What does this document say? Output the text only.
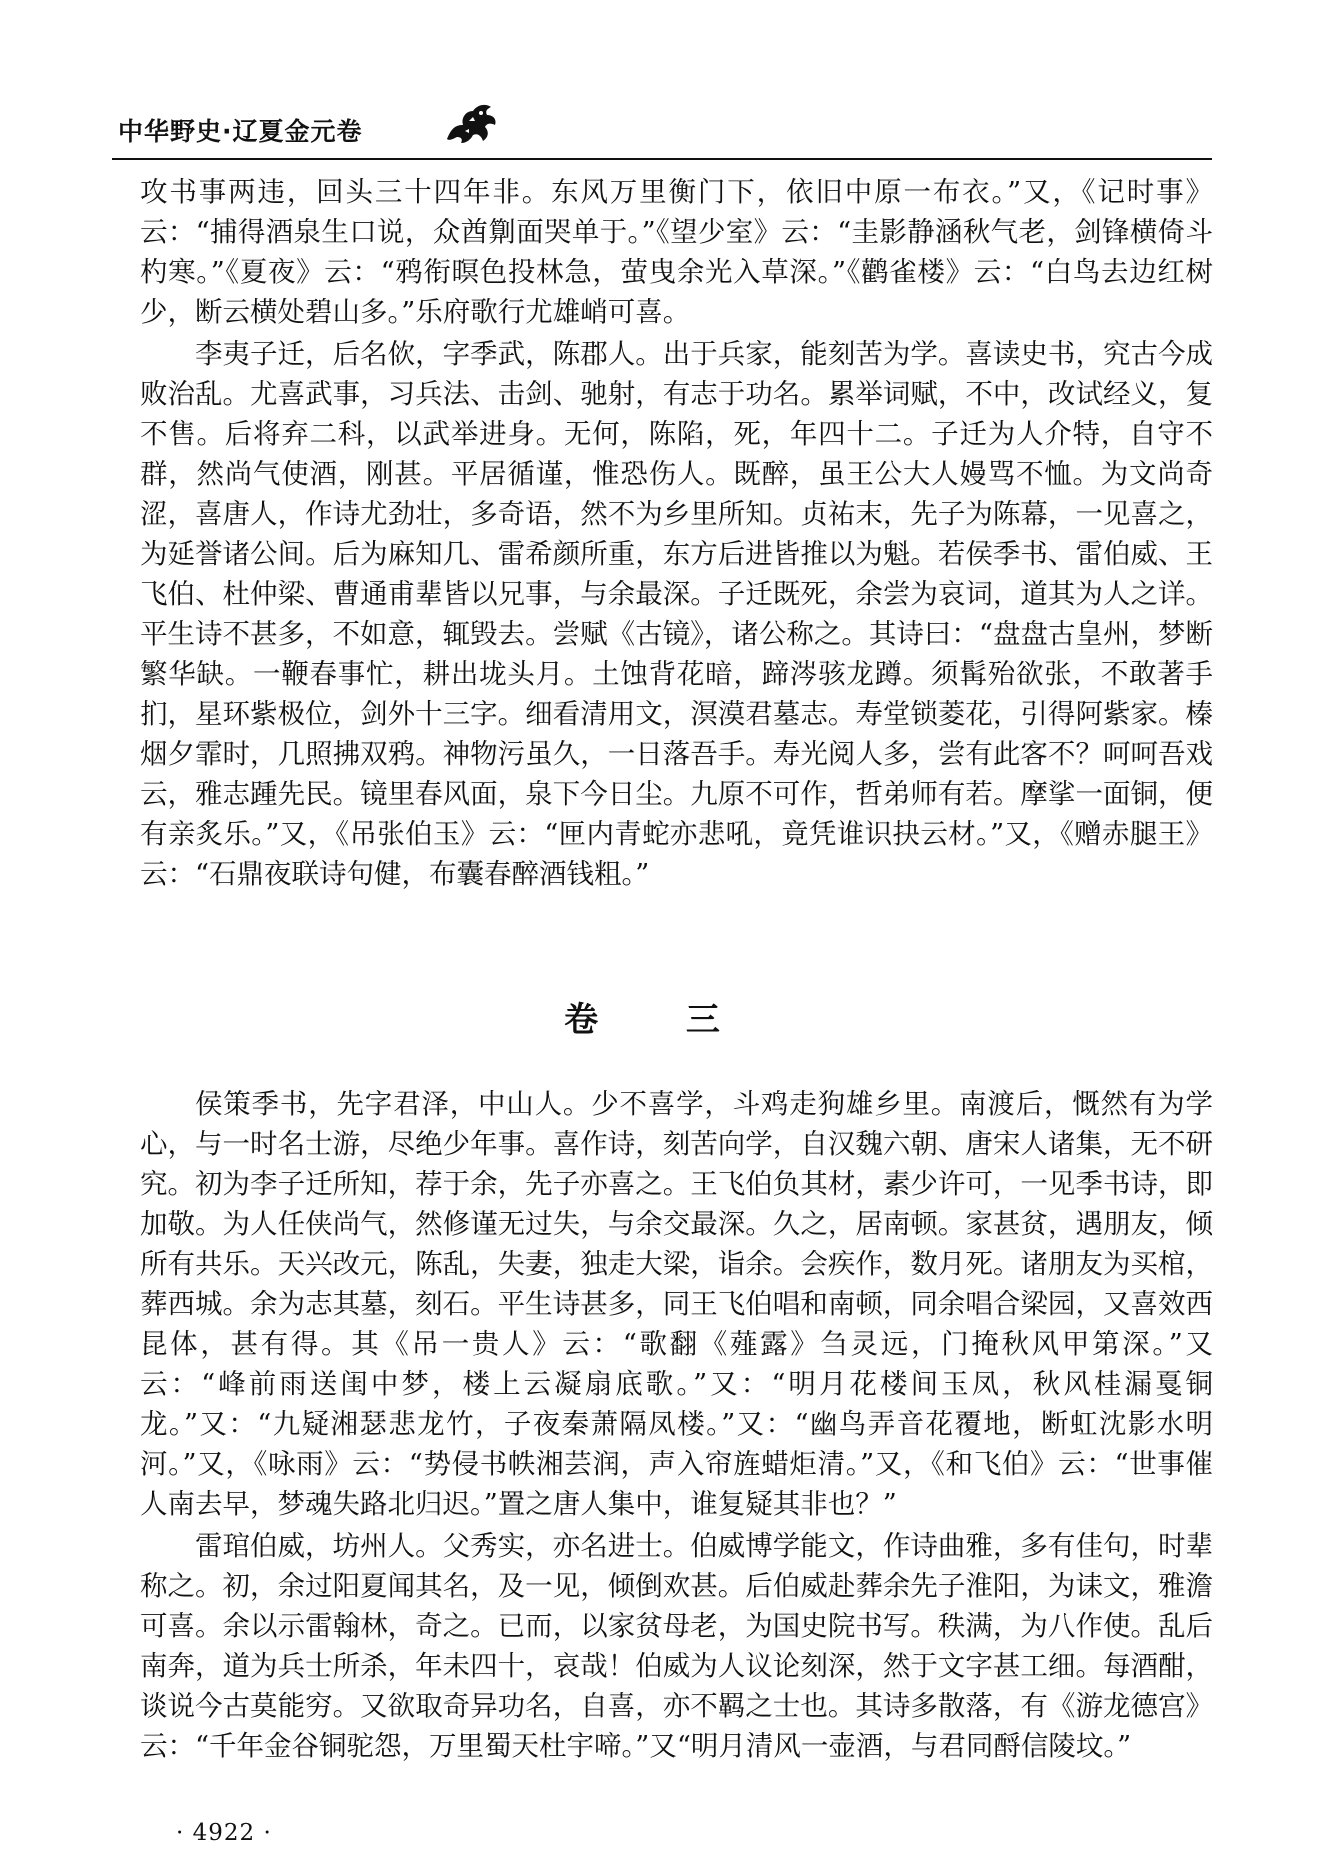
中华野史·辽夏金元卷

攻书事两违，回头三十四年非。东风万里衡门下，依旧中原一布衣。”又，《记时事》云：“捕得酒泉生口说，众酋㔍面哭单于。”《望少室》云：“圭影静涵秋气老，剑锋横倚斗杓寒。”《夏夜》云：“鸦衔暝色投林急，萤曳余光入草深。”《鹳雀楼》云：“白鸟去边红树少，断云横处碧山多。”乐府歌行尤雄峭可喜。

李夷子迁，后名佽，字季武，陈郡人。出于兵家，能刻苦为学。喜读史书，究古今成败治乱。尤喜武事，习兵法、击剑、驰射，有志于功名。累举词赋，不中，改试经义，复不售。后将弃二科，以武举进身。无何，陈陷，死，年四十二。子迁为人介特，自守不群，然尚气使酒，刚甚。平居循谨，惟恐伤人。既醉，虽王公大人嫚骂不恤。为文尚奇涩，喜唐人，作诗尤劲壮，多奇语，然不为乡里所知。贞祐末，先子为陈幕，一见喜之，为延誉诸公间。后为麻知几、雷希颜所重，东方后进皆推以为魁。若侯季书、雷伯威、王飞伯、杜仲梁、曹通甫辈皆以兄事，与余最深。子迁既死，余尝为哀词，道其为人之详。平生诗不甚多，不如意，辄毁去。尝赋《古镜》，诸公称之。其诗曰：“盘盘古皇州，梦断繁华缺。一鞭春事忙，耕出垅头月。土蚀背花暗，蹄涔骇龙蹲。须髯殆欲张，不敢著手扪，星环紫极位，剑外十三字。细看清用文，溟漠君墓志。寿堂锁菱花，引得阿紫家。榛烟夕霏时，几照拂双鸦。神物污虽久，一日落吾手。寿光阅人多，尝有此客不？呵呵吾戏云，雅志踵先民。镜里春风面，泉下今日尘。九原不可作，哲弟师有若。摩挲一面铜，便有亲炙乐。”又，《吊张伯玉》云：“匣内青蛇亦悲吼，竟凭谁识抉云材。”又，《赠赤腿王》云：“石鼎夜联诗句健，布囊春醉酒钱粗。”

卷 三

侯策季书，先字君泽，中山人。少不喜学，斗鸡走狗雄乡里。南渡后，慨然有为学心，与一时名士游，尽绝少年事。喜作诗，刻苦向学，自汉魏六朝、唐宋人诸集，无不研究。初为李子迁所知，荐于余，先子亦喜之。王飞伯负其材，素少许可，一见季书诗，即加敬。为人任侠尚气，然修谨无过失，与余交最深。久之，居南顿。家甚贫，遇朋友，倾所有共乐。天兴改元，陈乱，失妻，独走大梁，诣余。会疾作，数月死。诸朋友为买棺，葬西城。余为志其墓，刻石。平生诗甚多，同王飞伯唱和南顿，同余唱合梁园，又喜效西昆体，甚有得。其《吊一贵人》云：“歌翻《薤露》刍灵远，门掩秋风甲第深。”又云：“峰前雨送闺中梦，楼上云凝扇底歌。”又：“明月花楼间玉凤，秋风桂漏戛铜龙。”又：“九疑湘瑟悲龙竹，子夜秦萧隔凤楼。”又：“幽鸟弄音花覆地，断虹沈影水明河。”又，《咏雨》云：“势侵书帙湘芸润，声入帘旌蜡炬清。”又，《和飞伯》云：“世事催人南去早，梦魂失路北归迟。”置之唐人集中，谁复疑其非也？”

雷琯伯威，坊州人。父秀实，亦名进士。伯威博学能文，作诗曲雅，多有佳句，时辈称之。初，余过阳夏闻其名，及一见，倾倒欢甚。后伯威赴葬余先子淮阳，为诔文，雅澹可喜。余以示雷翰林，奇之。已而，以家贫母老，为国史院书写。秩满，为八作使。乱后南奔，道为兵士所杀，年未四十，哀哉！伯威为人议论刻深，然于文字甚工细。每酒酣，谈说今古莫能穷。又欲取奇异功名，自喜，亦不羁之士也。其诗多散落，有《游龙德宫》云：“千年金谷铜驼怨，万里蜀天杜宇啼。”又“明月清风一壶酒，与君同酹信陵坟。”

· 4922 ·
